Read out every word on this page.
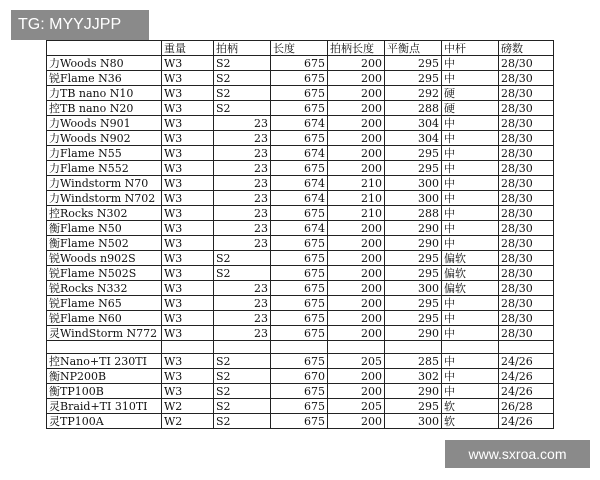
TG: MYYJJPP
www.sxroa.com
	重量	拍柄	长度	拍柄长度	平衡点	中杆	磅数
力Woods N80	W3	S2	675	200	295	中	28/30
锐Flame N36	W3	S2	675	200	295	中	28/30
力TB nano N10	W3	S2	675	200	292	硬	28/30
控TB nano N20	W3	S2	675	200	288	硬	28/30
力Woods N901	W3	23	674	200	304	中	28/30
力Woods N902	W3	23	675	200	304	中	28/30
力Flame N55	W3	23	674	200	295	中	28/30
力Flame N552	W3	23	675	200	295	中	28/30
力Windstorm N70	W3	23	674	210	300	中	28/30
力Windstorm N702	W3	23	674	210	300	中	28/30
控Rocks N302	W3	23	675	210	288	中	28/30
衡Flame N50	W3	23	674	200	290	中	28/30
衡Flame N502	W3	23	675	200	290	中	28/30
锐Woods n902S	W3	S2	675	200	295	偏软	28/30
锐Flame N502S	W3	S2	675	200	295	偏软	28/30
锐Rocks N332	W3	23	675	200	300	偏软	28/30
锐Flame N65	W3	23	675	200	295	中	28/30
锐Flame N60	W3	23	675	200	295	中	28/30
灵WindStorm N772	W3	23	675	200	290	中	28/30

控Nano+TI 230TI	W3	S2	675	205	285	中	24/26
衡NP200B	W3	S2	670	200	302	中	24/26
衡TP100B	W3	S2	675	200	290	中	24/26
灵Braid+TI 310TI	W2	S2	675	205	295	软	26/28
灵TP100A	W2	S2	675	200	300	软	24/26
